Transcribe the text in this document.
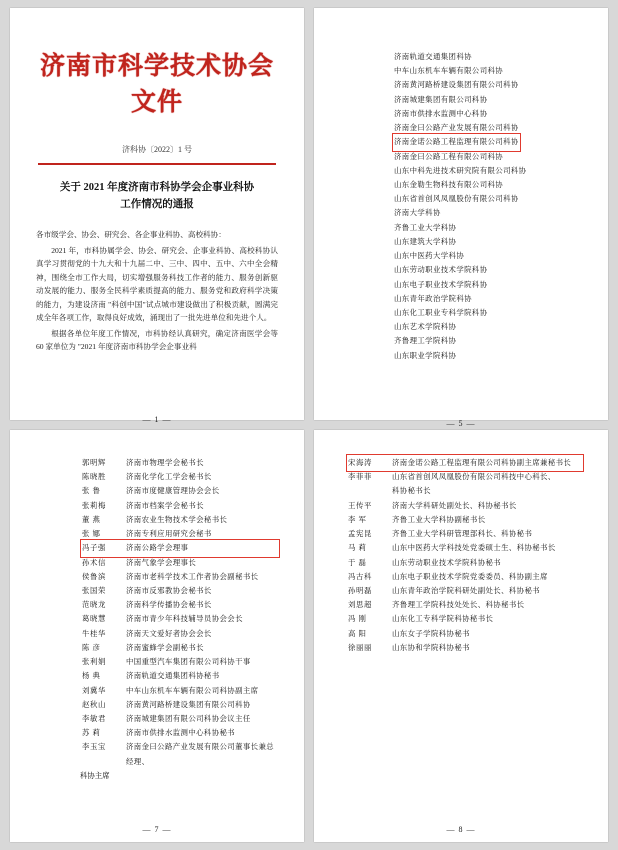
济南市科学技术协会文件
济科协〔2022〕1 号
关于 2021 年度济南市科协学会企事业科协
工作情况的通报

各市级学会、协会、研究会、各企事业科协、高校科协：

2021 年，市科协属学会、协会、研究会、企事业科协、高校科协认真学习贯彻党的十九大和十九届二中、三中、四中、五中、六中全会精神，围绕全市工作大局，切实增强服务科技工作者的能力、服务创新驱动发展的能力、服务全民科学素质提高的能力、服务党和政府科学决策的能力，为建设济南 "科创中国"试点城市建设做出了积极贡献，圆满完成全年各项工作，取得良好成效，涌现出了一批先进单位和先进个人。

根据各单位年度工作情况，市科协经认真研究，确定济南医学会等 60 家单位为 "2021 年度济南市科协学会企事业科

— 1 —
济南轨道交通集团科协
中车山东机车车辆有限公司科协
济南黄河路桥建设集团有限公司科协
济南城建集团有限公司科协
济南市供排水监测中心科协
济南金曰公路产业发展有限公司科协
济南金诺公路工程监理有限公司科协
济南金曰公路工程有限公司科协
山东中科先进技术研究院有限公司科协
山东金勒生物科技有限公司科协
山东省首创风凤凰股份有限公司科协
济南大学科协
齐鲁工业大学科协
山东建筑大学科协
山东中医药大学科协
山东劳动职业技术学院科协
山东电子职业技术学院科协
山东青年政治学院科协
山东化工职业专科学院科协
山东艺术学院科协
齐鲁理工学院科协
山东职业学院科协
— 5 —
郭明辉	济南市物理学会秘书长
陈晓胜	济南化学化工学会秘书长
张 鲁	济南市度健康管理协会会长
张莉梅	济南市档案学会秘书长
董 燕	济南农业生物技术学会秘书长
张 娜	济南专利应用研究会秘书
冯子强	济南公路学会理事
孙术信	济南气象学会理事长
侯鲁滨	济南市老科学技术工作者协会副秘书长
张国荣	济南市反邪教协会秘书长
范晓龙	济南科学传播协会秘书长
葛晓慧	济南市青少年科技辅导员协会会长
牛桂华	济南天文爱好者协会会长
陈 彦	济南蜜蜂学会副秘书长
张利娟	中国重型汽车集团有限公司科协干事
杨 典	济南轨道交通集团科协秘书
刘冀华	中车山东机车车辆有限公司科协副主席
赵秋山	济南黄河路桥建设集团有限公司科协
李敏君	济南城建集团有限公司科协会议主任
苏 莉	济南市供排水监测中心科协秘书
李玉宝	济南金曰公路产业发展有限公司董事长兼总经理、
科协主席
— 7 —
宋海涛	济南金诺公路工程监理有限公司科协副主席兼秘书长
李菲菲	山东省首创风凤凰股份有限公司科技中心科长、
科协秘书长
王传平	济南大学科研处副处长、科协秘书长
李 军	齐鲁工业大学科协副秘书长
孟宪昆	齐鲁工业大学科研管理部科长、科协秘书
马 莉	山东中医药大学科技处党委硕士生、科协秘书长
于 磊	山东劳动职业技术学院科协秘书
冯古科	山东电子职业技术学院党委委员、科协副主席
孙明磊	山东青年政治学院科研处副处长、科协秘书
刘思超	齐鲁理工学院科技处处长、科协秘书长
冯 刚	山东化工专科学院科协秘书长
高 阳	山东女子学院科协秘书
徐丽丽	山东协和学院科协秘书
— 8 —
